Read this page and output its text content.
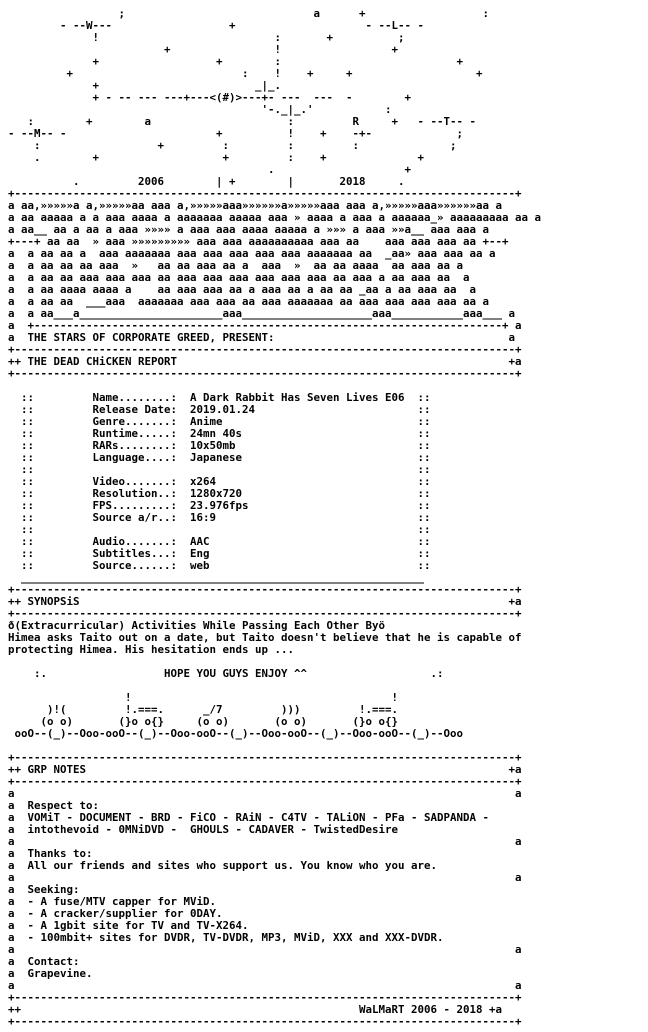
;                             a      +                  :
- --W---                  +                    - --L-- -
!                           :       +          ;
+                !                 +
+                  +        :                           +
+                          :    !    +     +                   +
+                        _|_.
+ - -- --- ---+---<(#)>---+- ---  ---  -        +
'-._|_.'           :
:        +        a                     :         R     +   - --T-- -
- --M-- -                       +          !    +    -+-             ;
:                  +         :         :         :              ;
.        +                   +         :    +              +
.                    +
.         2006        | +        |       2018     .
+-----------------------------------------------------------------------------+
a aa,»»»»»a a,»»»»»aa aaa a,»»»»»aaa»»»»»»a»»»»»aaa aaa a,»»»»»aaa»»»»»»aa a
a aa aaaaa a a aaa aaaa a aaaaaaa aaaaa aaa » aaaa a aaa a aaaaaa_» aaaaaaaaa aa a
a aa__ aa a aa a aaa »»»» a aaa aaa aaaa aaaaa a »»» a aaa »»a__ aaa aaa a
+---+ aa aa  » aaa »»»»»»»»» aaa aaa aaaaaaaaaa aaa aa    aaa aaa aaa aa +--+
a  a aa aa a  aaa aaaaaaa aaa aaa aaa aaa aaa aaaaaaa aa  _aa» aaa aaa aa a
a  a aa aa aa aaa  »   aa aa aaa aa a  aaa  »  aa aa aaaa  aa aaa aa a
a  a aa aa aaa aaa aaa aa aaa aaa aaa aaa aaa aaa aa aaa a aa aaa aa  a
a  a aa aaaa aaaa a    aa aaa aaa aa a aaa aa a aa aa _aa a aa aaa aa  a
a  a aa aa  ___aaa  aaaaaaa aaa aaa aa aaa aaaaaaa aa aaa aaa aaa aaa aa a
a  a aa___a______________________aaa____________________aaa___________aaa___ a
a  +------------------------------------------------------------------------+ a
a  THE STARS OF CORPORATE GREED, PRESENT:                                    a
+-----------------------------------------------------------------------------+
++ THE DEAD CHiCKEN REPORT                                                   +a
+-----------------------------------------------------------------------------+

::         Name........:  A Dark Rabbit Has Seven Lives E06  ::
::         Release Date:  2019.01.24                         ::
::         Genre.......:  Anime                              ::
::         Runtime.....:  24mn 40s                           ::
::         RARs........:  10x50mb                            ::
::         Language....:  Japanese                           ::
::                                                           ::
::         Video.......:  x264                               ::
::         Resolution..:  1280x720                           ::
::         FPS.........:  23.976fps                          ::
::         Source a/r..:  16:9                               ::
::                                                           ::
::         Audio.......:  AAC                                ::
::         Subtitles...:  Eng                                ::
::         Source......:  web                                ::
______________________________________________________________
+-----------------------------------------------------------------------------+
++ SYNOPSiS                                                                  +a
+-----------------------------------------------------------------------------+
ð(Extracurricular) Activities While Passing Each Other Byö
Himea asks Taito out on a date, but Taito doesn't believe that he is capable of
protecting Himea. His hesitation ends up ...

:.                  HOPE YOU GUYS ENJOY ^^                   .:

!                                        !
)!(         !.===.      _/7         )))         !.===.
(o o)       (}o o{}     (o o)       (o o)       (}o o{}
ooO--(_)--Ooo-ooO--(_)--Ooo-ooO--(_)--Ooo-ooO--(_)--Ooo-ooO--(_)--Ooo

+-----------------------------------------------------------------------------+
++ GRP NOTES                                                                 +a
+-----------------------------------------------------------------------------+
a                                                                             a
a  Respect to:
a  VOMiT - DOCUMENT - BRD - FiCO - RAiN - C4TV - TALiON - PFa - SADPANDA -
a  intothevoid - 0MNiDVD -  GHOULS - CADAVER - TwistedDesire
a                                                                             a
a  Thanks to:
a  All our friends and sites who support us. You know who you are.
a                                                                             a
a  Seeking:
a  - A fuse/MTV capper for MViD.
a  - A cracker/supplier for 0DAY.
a  - A 1gbit site for TV and TV-X264.
a  - 100mbit+ sites for DVDR, TV-DVDR, MP3, MViD, XXX and XXX-DVDR.
a                                                                             a
a  Contact:
a  Grapevine.
a                                                                             a
+-----------------------------------------------------------------------------+
++                                                    WaLMaRT 2006 - 2018 +a
+-----------------------------------------------------------------------------+
